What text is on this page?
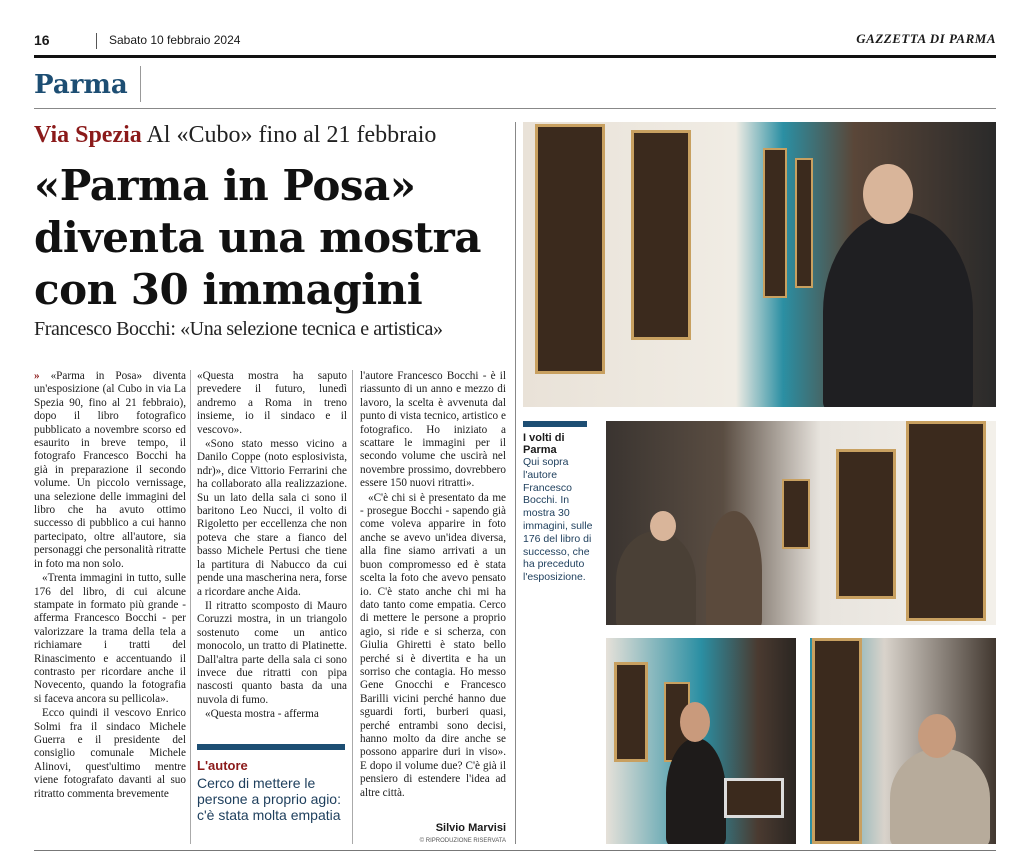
16	Sabato 10 febbraio 2024	GAZZETTA DI PARMA
Parma
Via Spezia Al «Cubo» fino al 21 febbraio
«Parma in Posa»
diventa una mostra
con 30 immagini
Francesco Bocchi: «Una selezione tecnica e artistica»

» «Parma in Posa» diventa un'esposizione (al Cubo in via La Spezia 90, fino al 21 febbraio), dopo il libro fotografico pubblicato a novembre scorso ed esaurito in breve tempo, il fotografo Francesco Bocchi ha già in preparazione il secondo volume. Un piccolo vernissage, una selezione delle immagini del libro che ha avuto ottimo successo di pubblico a cui hanno partecipato, oltre all'autore, sia personaggi che personalità ritratte in foto ma non solo.

«Trenta immagini in tutto, sulle 176 del libro, di cui alcune stampate in formato più grande - afferma Francesco Bocchi - per valorizzare la trama della tela a richiamare i tratti del Rinascimento e accentuando il contrasto per ricordare anche il Novecento, quando la fotografia si faceva ancora su pellicola».

Ecco quindi il vescovo Enrico Solmi fra il sindaco Michele Guerra e il presidente del consiglio comunale Michele Alinovi, quest'ultimo mentre viene fotografato davanti al suo ritratto commenta brevemente

«Questa mostra ha saputo prevedere il futuro, lunedì andremo a Roma in treno insieme, io il sindaco e il vescovo».

«Sono stato messo vicino a Danilo Coppe (noto esplosivista, ndr)», dice Vittorio Ferrarini che ha collaborato alla realizzazione. Su un lato della sala ci sono il baritono Leo Nucci, il volto di Rigoletto per eccellenza che non poteva che stare a fianco del basso Michele Pertusi che tiene la partitura di Nabucco da cui pende una mascherina nera, forse a ricordare anche Aida.

Il ritratto scomposto di Mauro Coruzzi mostra, in un triangolo sostenuto come un antico monocolo, un tratto di Platinette. Dall'altra parte della sala ci sono invece due ritratti con pipa nascosti quanto basta da una nuvola di fumo.

«Questa mostra - afferma

L'autore
Cerco di mettere le persone a proprio agio: c'è stata molta empatia

l'autore Francesco Bocchi - è il riassunto di un anno e mezzo di lavoro, la scelta è avvenuta dal punto di vista tecnico, artistico e fotografico. Ho iniziato a scattare le immagini per il secondo volume che uscirà nel novembre prossimo, dovrebbero essere 150 nuovi ritratti».

«C'è chi si è presentato da me - prosegue Bocchi - sapendo già come voleva apparire in foto anche se avevo un'idea diversa, alla fine siamo arrivati a un buon compromesso ed è stata scelta la foto che avevo pensato io. C'è stato anche chi mi ha dato tanto come empatia. Cerco di mettere le persone a proprio agio, si ride e si scherza, con Giulia Ghiretti è stato bello perché si è divertita e ha un sorriso che contagia. Ho messo Gene Gnocchi e Francesco Barilli vicini perché hanno due sguardi forti, burberi quasi, perché entrambi sono decisi, hanno molto da dire anche se possono apparire duri in viso». E dopo il volume due? C'è già il pensiero di estendere l'idea ad altre città.

Silvio Marvisi
© RIPRODUZIONE RISERVATA
I volti di Parma
Qui sopra l'autore Francesco Bocchi. In mostra 30 immagini, sulle 176 del libro di successo, che ha preceduto l'esposizione.
